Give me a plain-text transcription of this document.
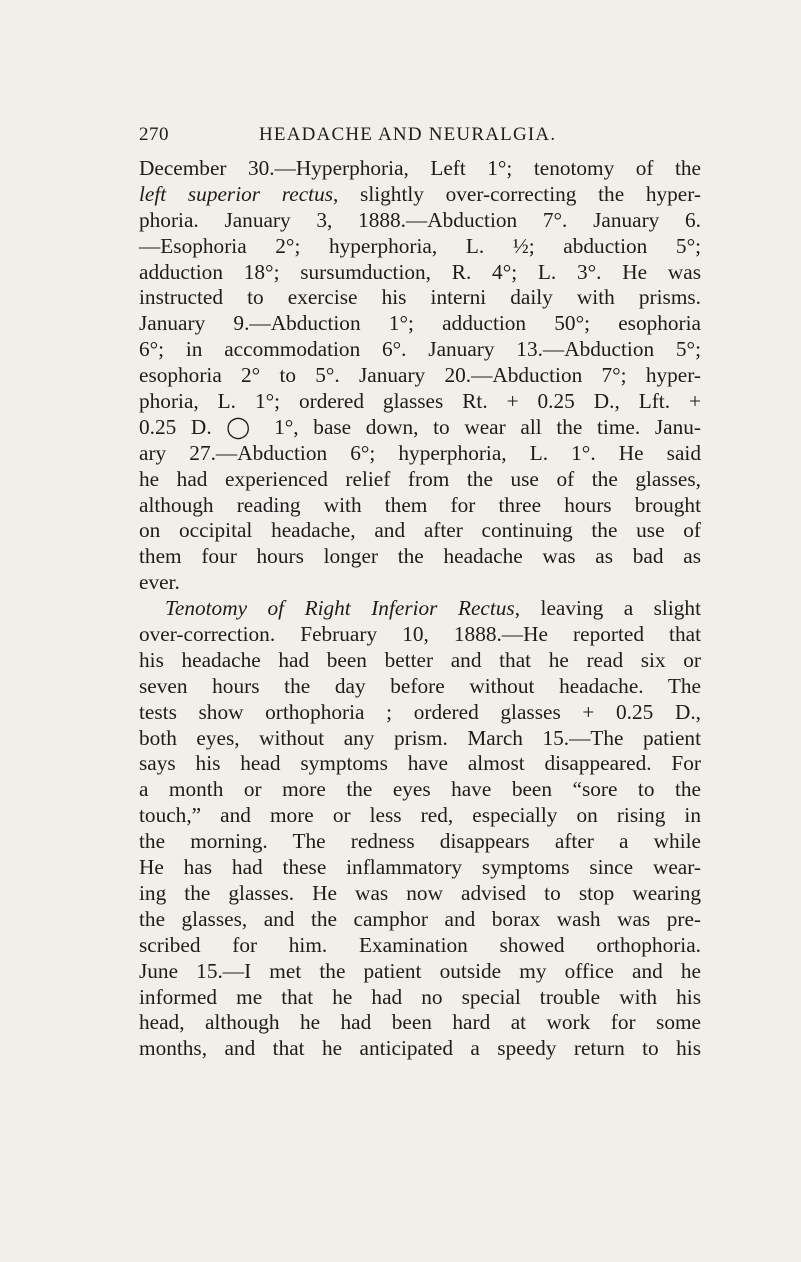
270	HEADACHE AND NEURALGIA.
December 30.—Hyperphoria, Left 1°; tenotomy of the
left superior rectus, slightly over-correcting the hyper-
phoria. January 3, 1888.—Abduction 7°. January 6.
—Esophoria 2°; hyperphoria, L. ½; abduction 5°;
adduction 18°; sursumduction, R. 4°; L. 3°. He was
instructed to exercise his interni daily with prisms.
January 9.—Abduction 1°; adduction 50°; esophoria
6°; in accommodation 6°. January 13.—Abduction 5°;
esophoria 2° to 5°. January 20.—Abduction 7°; hyper-
phoria, L. 1°; ordered glasses Rt. + 0.25 D., Lft. +
0.25 D. ◯ 1°, base down, to wear all the time. Janu-
ary 27.—Abduction 6°; hyperphoria, L. 1°. He said
he had experienced relief from the use of the glasses,
although reading with them for three hours brought
on occipital headache, and after continuing the use of
them four hours longer the headache was as bad as
ever.
Tenotomy of Right Inferior Rectus, leaving a slight
over-correction. February 10, 1888.—He reported that
his headache had been better and that he read six or
seven hours the day before without headache. The
tests show orthophoria ; ordered glasses + 0.25 D.,
both eyes, without any prism. March 15.—The patient
says his head symptoms have almost disappeared. For
a month or more the eyes have been “sore to the
touch,” and more or less red, especially on rising in
the morning. The redness disappears after a while
He has had these inflammatory symptoms since wear-
ing the glasses. He was now advised to stop wearing
the glasses, and the camphor and borax wash was pre-
scribed for him. Examination showed orthophoria.
June 15.—I met the patient outside my office and he
informed me that he had no special trouble with his
head, although he had been hard at work for some
months, and that he anticipated a speedy return to his
